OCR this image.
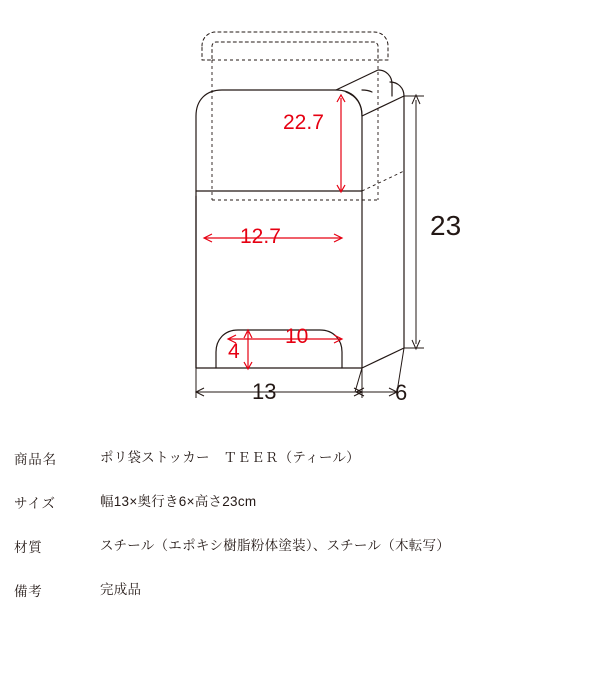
22.7
12.7
10
4
23
13	6
商品名	ポリ袋ストッカー　ＴＥＥＲ（ティール）
サイズ	幅13×奥行き6×高さ23cm
材質	スチール（エポキシ樹脂粉体塗装）、スチール（木転写）
備考	完成品
